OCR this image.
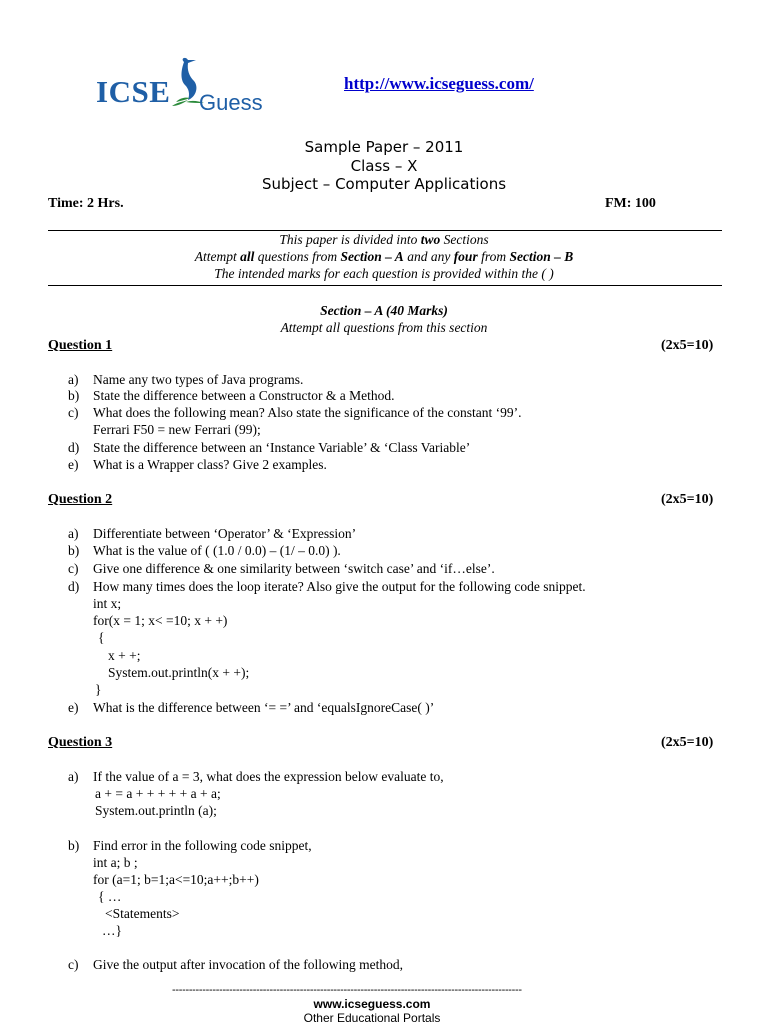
ICSE Guess
http://www.icseguess.com/
Sample Paper – 2011
Class – X
Subject – Computer Applications
Time: 2 Hrs.	FM: 100
This paper is divided into two Sections
Attempt all questions from Section – A and any four from Section – B
The intended marks for each question is provided within the ( )
Section – A (40 Marks)
Attempt all questions from this section
Question 1	(2x5=10)
a) Name any two types of Java programs.
b) State the difference between a Constructor & a Method.
c) What does the following mean? Also state the significance of the constant ‘99’.
Ferrari F50 = new Ferrari (99);
d) State the difference between an ‘Instance Variable’ & ‘Class Variable’
e) What is a Wrapper class? Give 2 examples.
Question 2	(2x5=10)
a) Differentiate between ‘Operator’ & ‘Expression’
b) What is the value of ( (1.0 / 0.0) – (1/ – 0.0) ).
c) Give one difference & one similarity between ‘switch case’ and ‘if…else’.
d) How many times does the loop iterate? Also give the output for the following code snippet.
int x;
for(x = 1; x< =10; x + +)
{
x + +;
System.out.println(x + +);
}
e) What is the difference between ‘= =’ and ‘equalsIgnoreCase( )’
Question 3	(2x5=10)
a) If the value of a = 3, what does the expression below evaluate to,
a + = a + + + + + a + a;
System.out.println (a);
b) Find error in the following code snippet,
int a; b ;
for (a=1; b=1;a<=10;a++;b++)
{ …
<Statements>
…}
c) Give the output after invocation of the following method,
--------------------------------------------------------------------------------------------------------
www.icseguess.com
Other Educational Portals
